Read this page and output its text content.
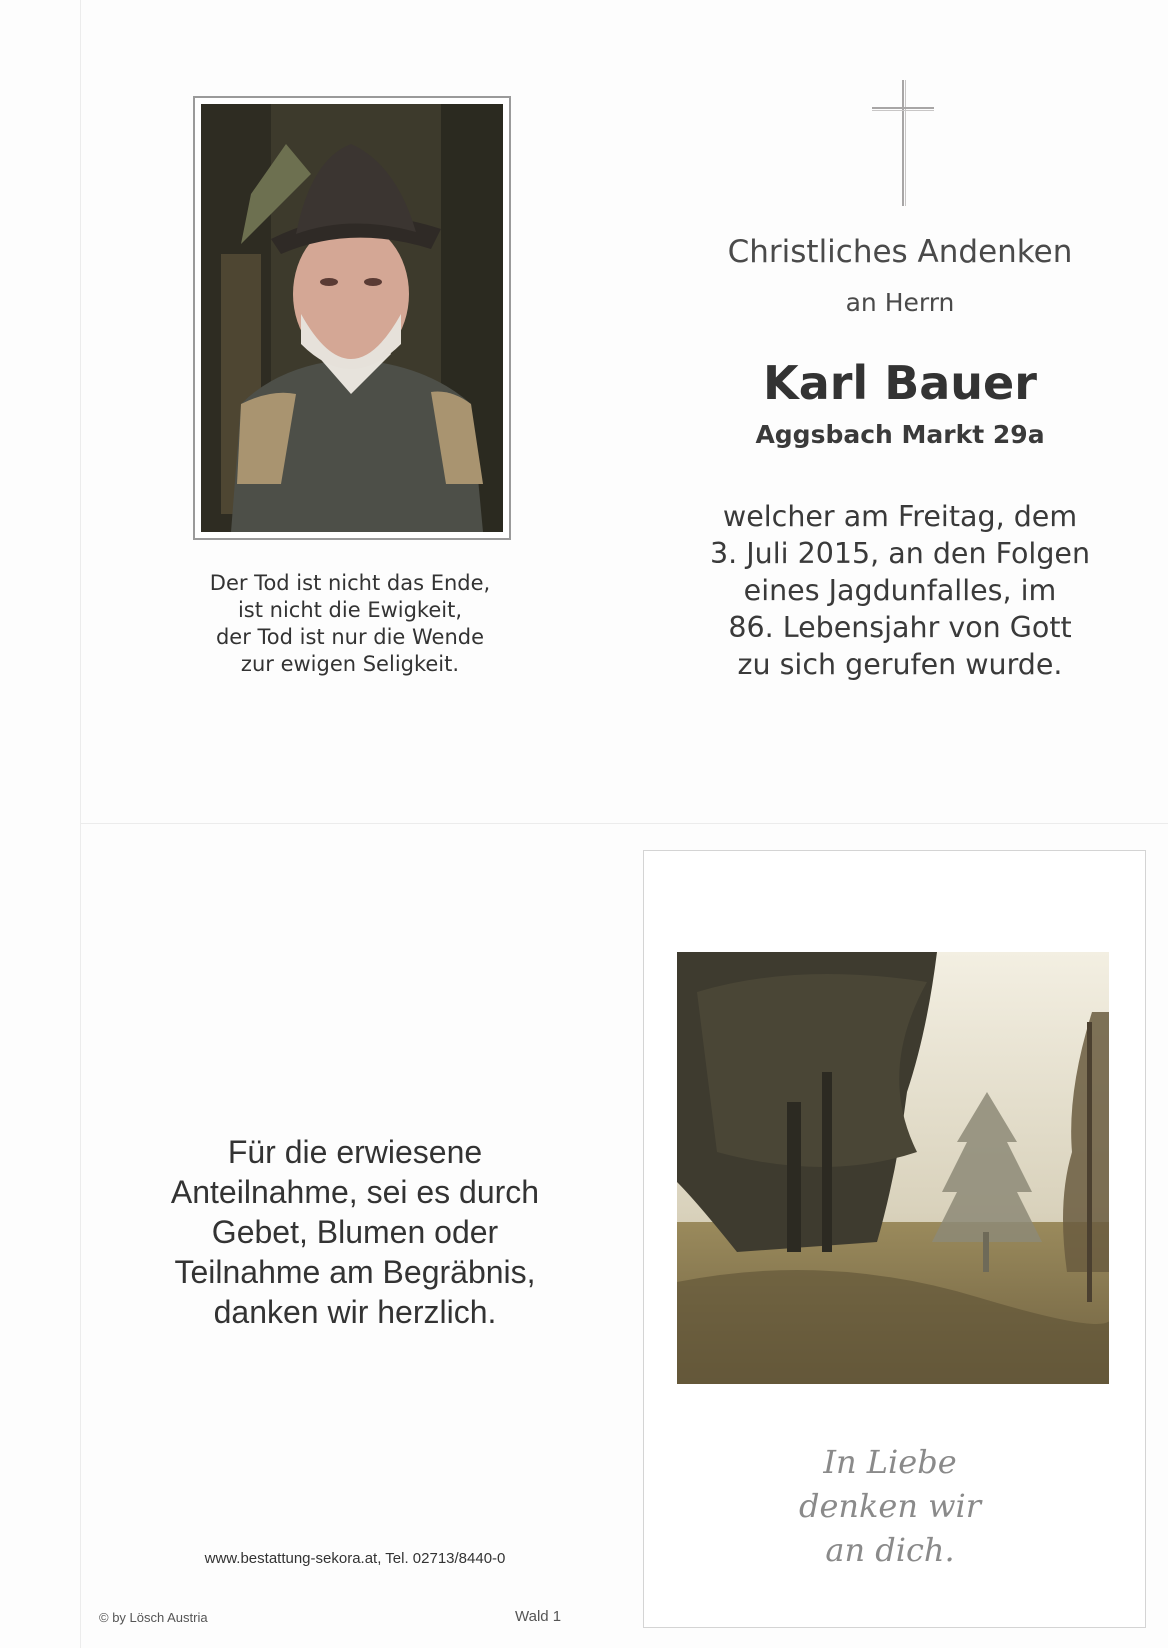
Der Tod ist nicht das Ende,
ist nicht die Ewigkeit,
der Tod ist nur die Wende
zur ewigen Seligkeit.
Christliches Andenken
an Herrn
Karl Bauer
Aggsbach Markt 29a
welcher am Freitag, dem
3. Juli 2015, an den Folgen
eines Jagdunfalles, im
86. Lebensjahr von Gott
zu sich gerufen wurde.
Für die erwiesene
Anteilnahme, sei es durch
Gebet, Blumen oder
Teilnahme am Begräbnis,
danken wir herzlich.
www.bestattung-sekora.at, Tel. 02713/8440-0
© by Lösch Austria	Wald 1
In Liebe
denken wir
an dich.
